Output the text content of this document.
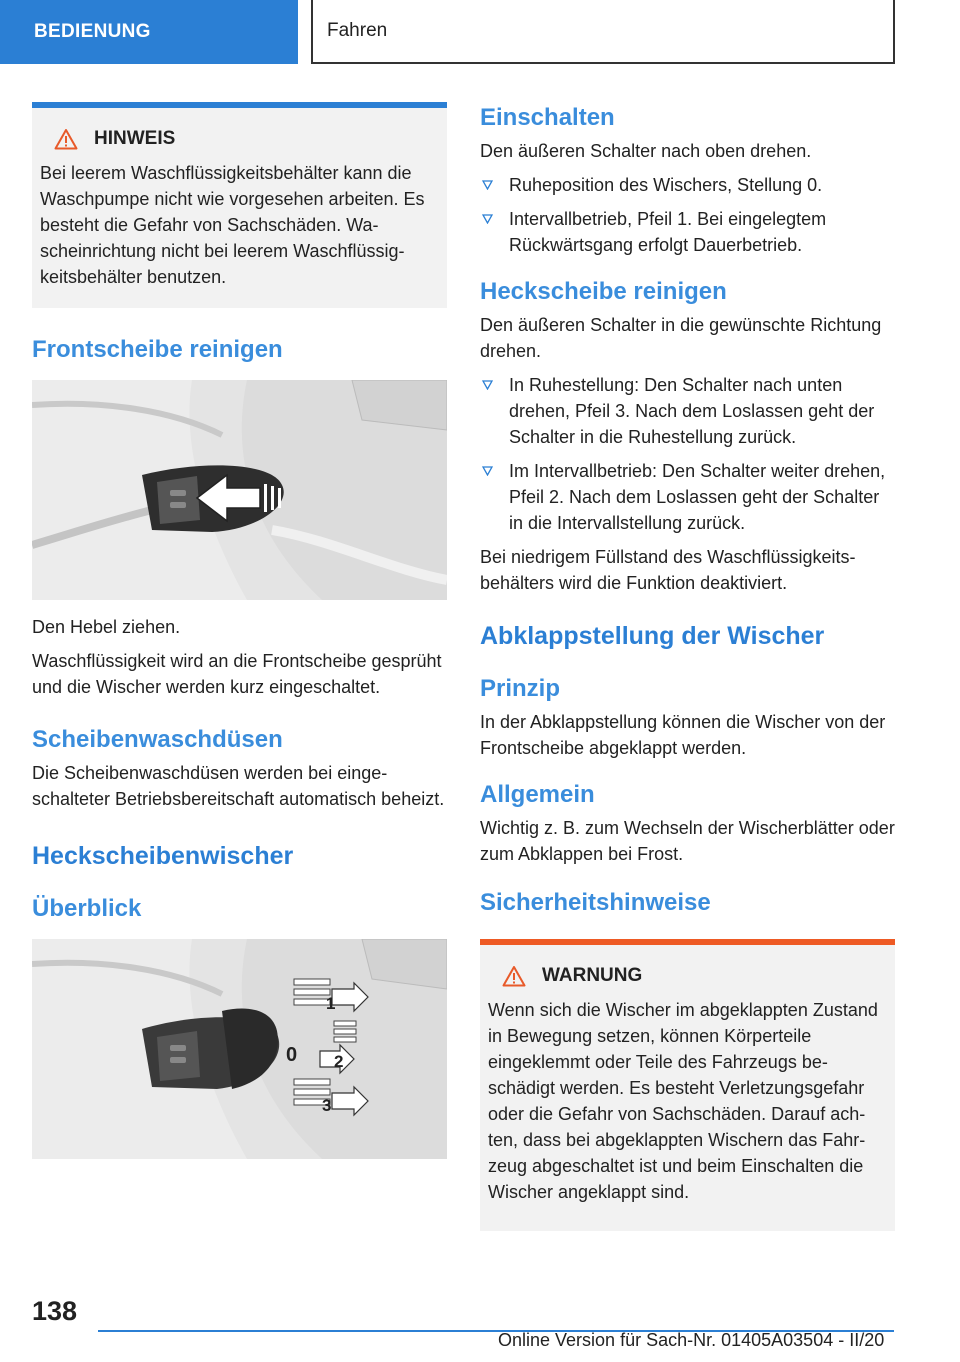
BEDIENUNG	Fahren
HINWEIS
Bei leerem Waschflüssigkeitsbehälter kann die Waschpumpe nicht wie vorgesehen arbeiten. Es besteht die Gefahr von Sachschäden. Wascheinrichtung nicht bei leerem Waschflüssigkeitsbehälter benutzen.
Frontscheibe reinigen

Den Hebel ziehen.

Waschflüssigkeit wird an die Frontscheibe gesprüht und die Wischer werden kurz eingeschaltet.

Scheibenwaschdüsen

Die Scheibenwaschdüsen werden bei eingeschalteter Betriebsbereitschaft automatisch beheizt.

Heckscheibenwischer
Überblick
1
0 2
3
Einschalten

Den äußeren Schalter nach oben drehen.

Ruheposition des Wischers, Stellung 0.
Intervallbetrieb, Pfeil 1. Bei eingelegtem Rückwärtsgang erfolgt Dauerbetrieb.
Heckscheibe reinigen

Den äußeren Schalter in die gewünschte Richtung drehen.

In Ruhestellung: Den Schalter nach unten drehen, Pfeil 3. Nach dem Loslassen geht der Schalter in die Ruhestellung zurück.
Im Intervallbetrieb: Den Schalter weiter drehen, Pfeil 2. Nach dem Loslassen geht der Schalter in die Intervallstellung zurück.

Bei niedrigem Füllstand des Waschflüssigkeitsbehälters wird die Funktion deaktiviert.

Abklappstellung der Wischer
Prinzip

In der Abklappstellung können die Wischer von der Frontscheibe abgeklappt werden.

Allgemein

Wichtig z. B. zum Wechseln der Wischerblätter oder zum Abklappen bei Frost.

Sicherheitshinweise
WARNUNG
Wenn sich die Wischer im abgeklappten Zustand in Bewegung setzen, können Körperteile eingeklemmt oder Teile des Fahrzeugs beschädigt werden. Es besteht Verletzungsgefahr oder die Gefahr von Sachschäden. Darauf achten, dass bei abgeklappten Wischern das Fahrzeug abgeschaltet ist und beim Einschalten die Wischer angeklappt sind.
138
Online Version für Sach-Nr. 01405A03504 - II/20
